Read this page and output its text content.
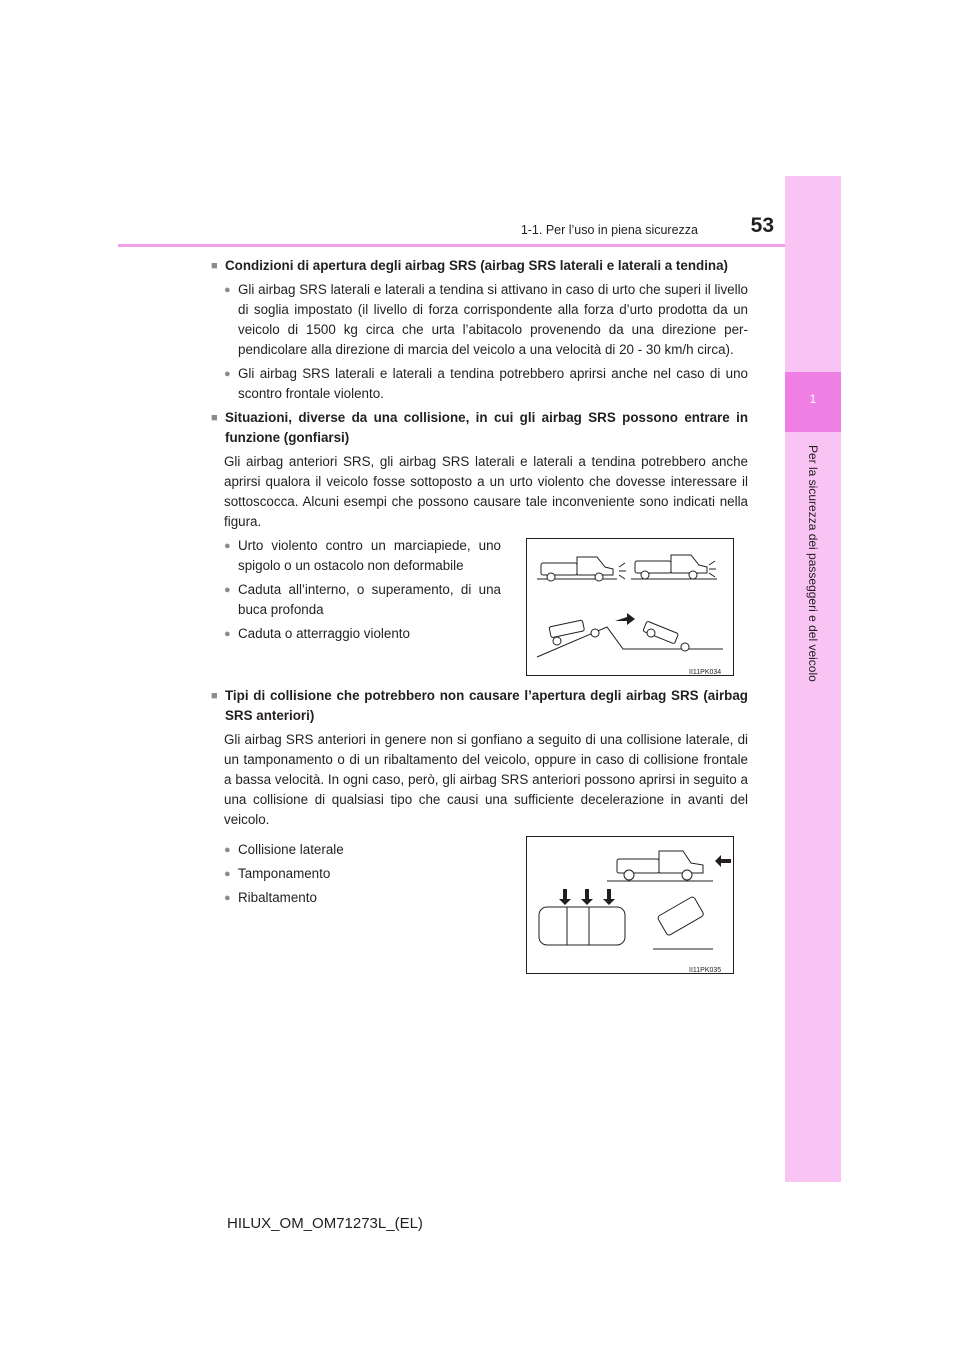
1
Per la sicurezza dei passeggeri e del veicolo
53
1-1. Per l’uso in piena sicurezza
■ Condizioni di apertura degli airbag SRS (airbag SRS laterali e laterali a tendina)
● Gli airbag SRS laterali e laterali a tendina si attivano in caso di urto che superi il livello di soglia impostato (il livello di forza corrispondente alla forza d’urto prodotta da un veicolo di 1500 kg circa che urta l’abitacolo provenendo da una direzione perpendicolare alla direzione di marcia del veicolo a una velocità di 20 - 30 km/h circa).
● Gli airbag SRS laterali e laterali a tendina potrebbero aprirsi anche nel caso di uno scontro frontale violento.
■ Situazioni, diverse da una collisione, in cui gli airbag SRS possono entrare in funzione (gonfiarsi)
Gli airbag anteriori SRS, gli airbag SRS laterali e laterali a tendina potrebbero anche aprirsi qualora il veicolo fosse sottoposto a un urto violento che dovesse interessare il sottoscocca. Alcuni esempi che possono causare tale inconveniente sono indicati nella figura.
● Urto violento contro un marciapiede, uno spigolo o un ostacolo non deformabile
● Caduta all’interno, o superamento, di una buca profonda
● Caduta o atterraggio violento
II11PK034
■ Tipi di collisione che potrebbero non causare l’apertura degli airbag SRS (airbag SRS anteriori)
Gli airbag SRS anteriori in genere non si gonfiano a seguito di una collisione laterale, di un tamponamento o di un ribaltamento del veicolo, oppure in caso di collisione frontale a bassa velocità. In ogni caso, però, gli airbag SRS anteriori possono aprirsi in seguito a una collisione di qualsiasi tipo che causi una sufficiente decelerazione in avanti del veicolo.
● Collisione laterale
● Tamponamento
● Ribaltamento
II11PK035
HILUX_OM_OM71273L_(EL)
